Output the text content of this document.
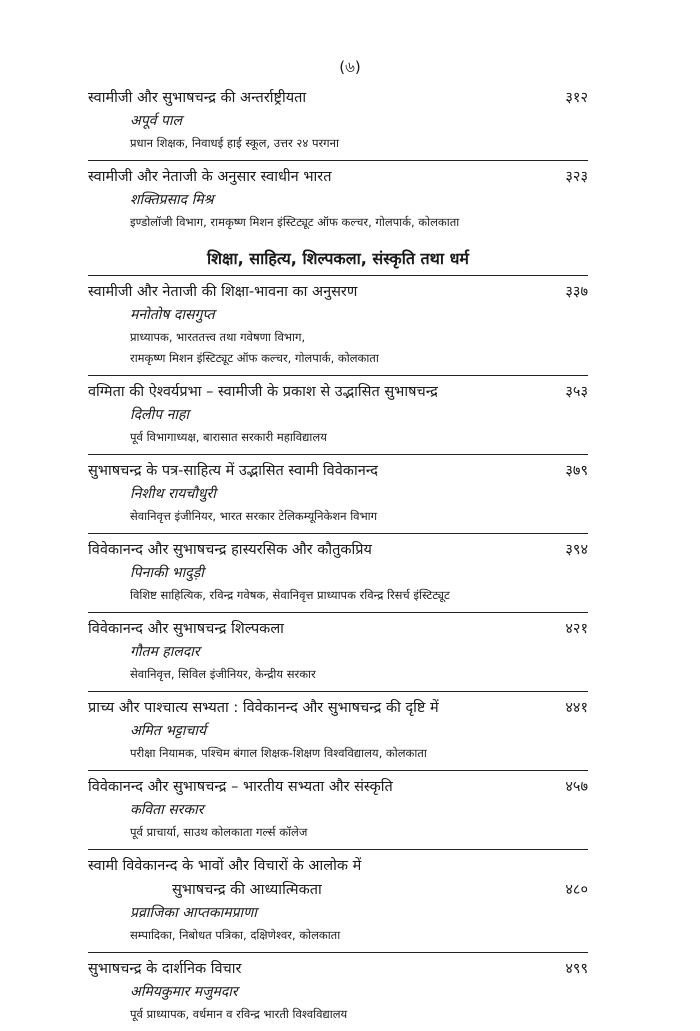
(৬)
स्वामीजी और सुभाषचन्द्र की अन्तर्राष्ट्रीयता	३१२
अपूर्व पाल
प्रधान शिक्षक, निवाधई हाई स्कूल, उत्तर २४ परगना
स्वामीजी और नेताजी के अनुसार स्वाधीन भारत	३२३
शक्तिप्रसाद मिश्र
इण्डोलॉजी विभाग, रामकृष्ण मिशन इंस्टिट्यूट ऑफ कल्चर, गोलपार्क, कोलकाता
शिक्षा, साहित्य, शिल्पकला, संस्कृति तथा धर्म
स्वामीजी और नेताजी की शिक्षा-भावना का अनुसरण	३३७
मनोतोष दासगुप्त
प्राध्यापक, भारततत्त्व तथा गवेषणा विभाग,
रामकृष्ण मिशन इंस्टिट्यूट ऑफ कल्चर, गोलपार्क, कोलकाता
वग्मिता की ऐश्वर्यप्रभा – स्वामीजी के प्रकाश से उद्भासित सुभाषचन्द्र	३५३
दिलीप नाहा
पूर्व विभागाध्यक्ष, बारासात सरकारी महाविद्यालय
सुभाषचन्द्र के पत्र-साहित्य में उद्भासित स्वामी विवेकानन्द	३७९
निशीथ रायचौधुरी
सेवानिवृत्त इंजीनियर, भारत सरकार टेलिकम्यूनिकेशन विभाग
विवेकानन्द और सुभाषचन्द्र हास्यरसिक और कौतुकप्रिय	३९४
पिनाकी भादुड़ी
विशिष्ट साहित्यिक, रविन्द्र गवेषक, सेवानिवृत्त प्राध्यापक रविन्द्र रिसर्च इंस्टिट्यूट
विवेकानन्द और सुभाषचन्द्र शिल्पकला	४२१
गौतम हालदार
सेवानिवृत्त, सिविल इंजीनियर, केन्द्रीय सरकार
प्राच्य और पाश्चात्य सभ्यता : विवेकानन्द और सुभाषचन्द्र की दृष्टि में	४४१
अमित भट्टाचार्य
परीक्षा नियामक, पश्चिम बंगाल शिक्षक-शिक्षण विश्वविद्यालय, कोलकाता
विवेकानन्द और सुभाषचन्द्र – भारतीय सभ्यता और संस्कृति	४५७
कविता सरकार
पूर्व प्राचार्या, साउथ कोलकाता गर्ल्स कॉलेज
स्वामी विवेकानन्द के भावों और विचारों के आलोक में
सुभाषचन्द्र की आध्यात्मिकता	४८०
प्रव्राजिका आप्तकामप्राणा
सम्पादिका, निबोधत पत्रिका, दक्षिणेश्वर, कोलकाता
सुभाषचन्द्र के दार्शनिक विचार	४९९
अमियकुमार मजुमदार
पूर्व प्राध्यापक, वर्धमान व रविन्द्र भारती विश्वविद्यालय
